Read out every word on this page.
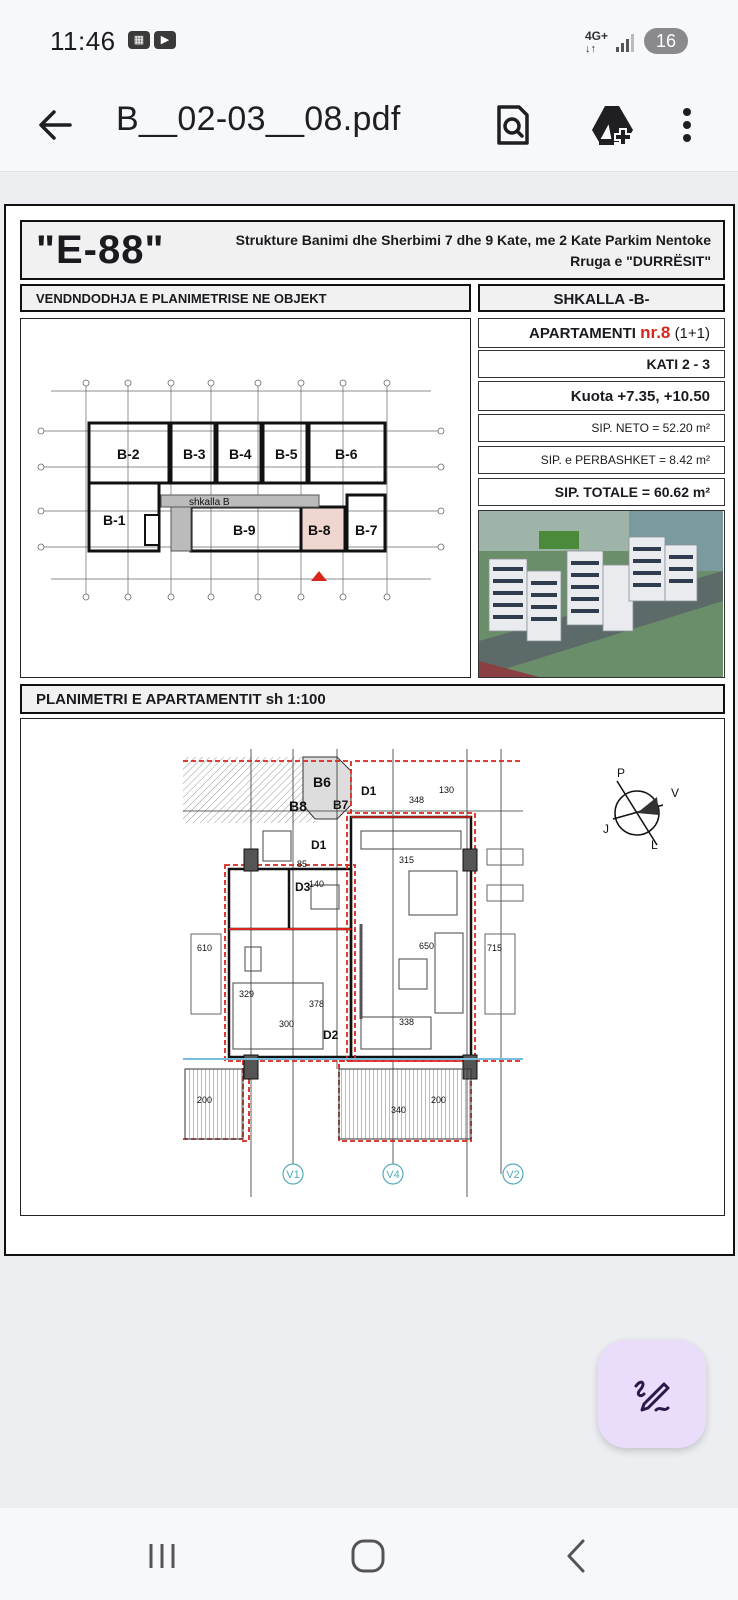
11:46	▦	▶	4G+
↓↑	16
B__02-03__08.pdf
"E-88"	Strukture Banimi dhe Sherbimi 7 dhe 9 Kate, me 2 Kate Parkim Nentoke
Rruga e "DURRËSIT"
VENDNDODHJA E PLANIMETRISE NE OBJEKT	SHKALLA -B-
B-2	B-3 B-4 B-5	B-6
B-1
B-9	B-8 B-7
shkalla B
APARTAMENTI
nr.8
(1+1)
KATI 2 - 3
Kuota +7.35, +10.50
SIP. NETO = 52.20 m²
SIP. e PERBASHKET = 8.42 m²
SIP. TOTALE = 60.62 m²
PLANIMETRI E APARTAMENTIT sh 1:100
P
V
J
L
B6
B8 B7
D1
D1
D3
D2
348
130
315
85
140
650
610	715
378
300	338
329
200	200
340
V1	V4	V2
